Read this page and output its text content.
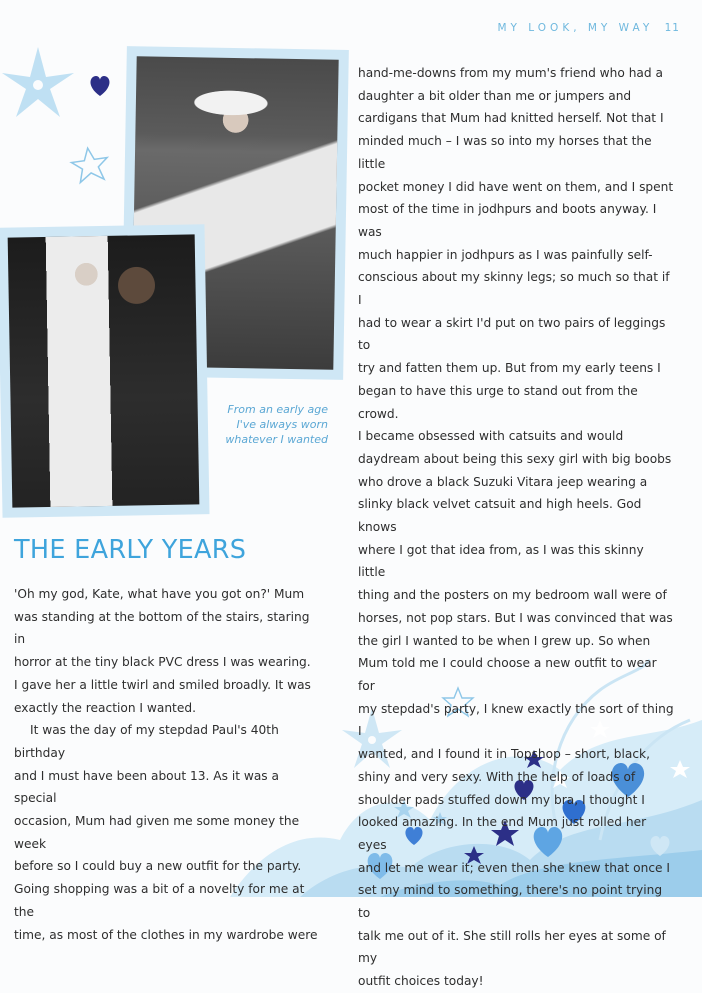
MY LOOK, MY WAY 11
From an early age
I've always worn
whatever I wanted
THE EARLY YEARS

'Oh my god, Kate, what have you got on?' Mum
was standing at the bottom of the stairs, staring in
horror at the tiny black PVC dress I was wearing.
I gave her a little twirl and smiled broadly. It was
exactly the reaction I wanted.

It was the day of my stepdad Paul's 40th birthday
and I must have been about 13. As it was a special
occasion, Mum had given me some money the week
before so I could buy a new outfit for the party.
Going shopping was a bit of a novelty for me at the
time, as most of the clothes in my wardrobe were

hand-me-downs from my mum's friend who had a
daughter a bit older than me or jumpers and
cardigans that Mum had knitted herself. Not that I
minded much – I was so into my horses that the little
pocket money I did have went on them, and I spent
most of the time in jodhpurs and boots anyway. I was
much happier in jodhpurs as I was painfully self-
conscious about my skinny legs; so much so that if I
had to wear a skirt I'd put on two pairs of leggings to
try and fatten them up. But from my early teens I
began to have this urge to stand out from the crowd.
I became obsessed with catsuits and would
daydream about being this sexy girl with big boobs
who drove a black Suzuki Vitara jeep wearing a
slinky black velvet catsuit and high heels. God knows
where I got that idea from, as I was this skinny little
thing and the posters on my bedroom wall were of
horses, not pop stars. But I was convinced that was
the girl I wanted to be when I grew up. So when
Mum told me I could choose a new outfit to wear for
my stepdad's party, I knew exactly the sort of thing I
wanted, and I found it in Topshop – short, black,
shiny and very sexy. With the help of loads of
shoulder pads stuffed down my bra, I thought I
looked amazing. In the end Mum just rolled her eyes
and let me wear it; even then she knew that once I
set my mind to something, there's no point trying to
talk me out of it. She still rolls her eyes at some of my
outfit choices today!
